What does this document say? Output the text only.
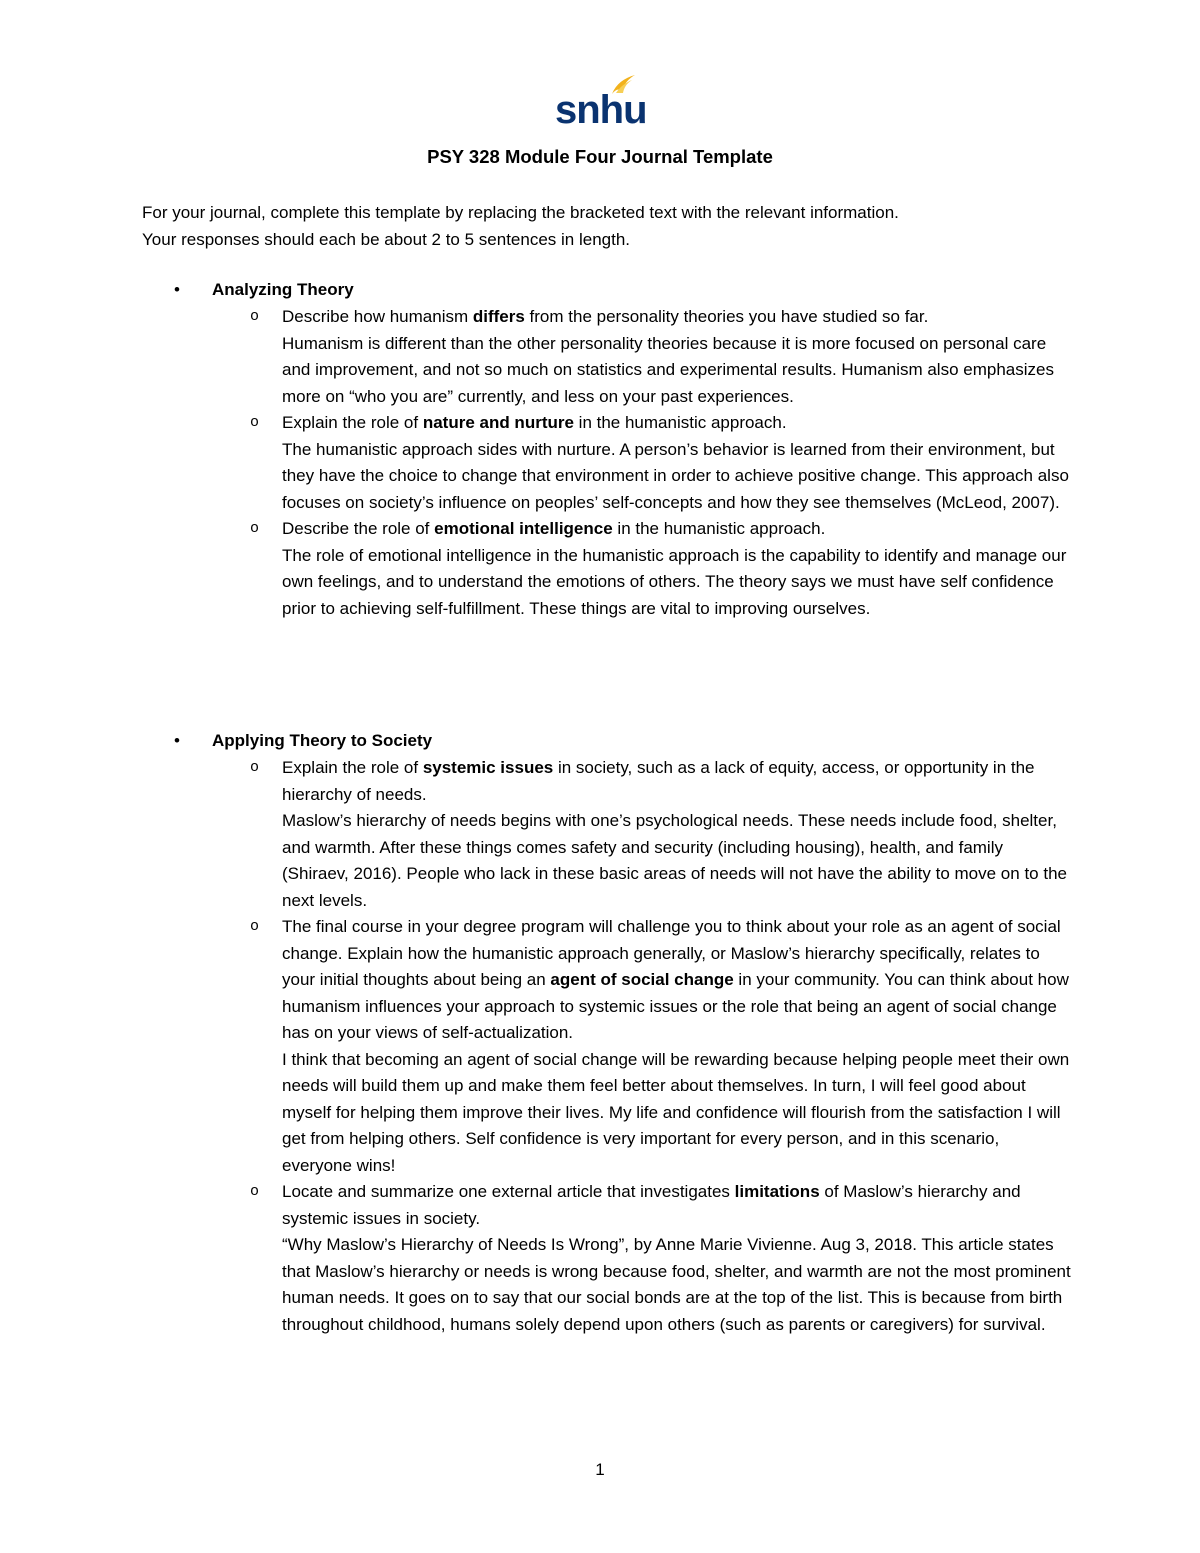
snhu
PSY 328 Module Four Journal Template

For your journal, complete this template by replacing the bracketed text with the relevant information.

Your responses should each be about 2 to 5 sentences in length.

• Analyzing Theory
o Describe how humanism differs from the personality theories you have studied so far.
Humanism is different than the other personality theories because it is more focused on personal care and improvement, and not so much on statistics and experimental results. Humanism also emphasizes more on “who you are” currently, and less on your past experiences.
o Explain the role of nature and nurture in the humanistic approach.
The humanistic approach sides with nurture. A person’s behavior is learned from their environment, but they have the choice to change that environment in order to achieve positive change. This approach also focuses on society’s influence on peoples’ self-concepts and how they see themselves (McLeod, 2007).
o Describe the role of emotional intelligence in the humanistic approach.
The role of emotional intelligence in the humanistic approach is the capability to identify and manage our own feelings, and to understand the emotions of others. The theory says we must have self confidence prior to achieving self-fulfillment. These things are vital to improving ourselves.
• Applying Theory to Society
o Explain the role of systemic issues in society, such as a lack of equity, access, or opportunity in the hierarchy of needs.
Maslow’s hierarchy of needs begins with one’s psychological needs. These needs include food, shelter, and warmth. After these things comes safety and security (including housing), health, and family (Shiraev, 2016). People who lack in these basic areas of needs will not have the ability to move on to the next levels.
o The final course in your degree program will challenge you to think about your role as an agent of social change. Explain how the humanistic approach generally, or Maslow’s hierarchy specifically, relates to your initial thoughts about being an agent of social change in your community. You can think about how humanism influences your approach to systemic issues or the role that being an agent of social change has on your views of self-actualization.
I think that becoming an agent of social change will be rewarding because helping people meet their own needs will build them up and make them feel better about themselves. In turn, I will feel good about myself for helping them improve their lives. My life and confidence will flourish from the satisfaction I will get from helping others. Self confidence is very important for every person, and in this scenario, everyone wins!
o Locate and summarize one external article that investigates limitations of Maslow’s hierarchy and systemic issues in society.
“Why Maslow’s Hierarchy of Needs Is Wrong”, by Anne Marie Vivienne. Aug 3, 2018. This article states that Maslow’s hierarchy or needs is wrong because food, shelter, and warmth are not the most prominent human needs. It goes on to say that our social bonds are at the top of the list. This is because from birth throughout childhood, humans solely depend upon others (such as parents or caregivers) for survival.
1
